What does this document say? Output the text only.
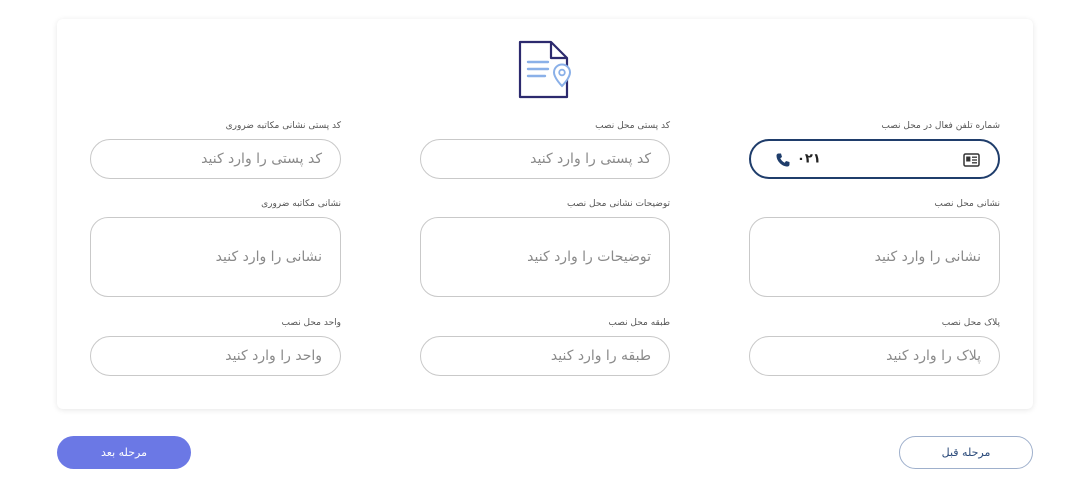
شماره تلفن فعال در محل نصب
کد پستی محل نصب
کد پستی نشانی مکاتبه ضروری
۰۲۱
کد پستی را وارد کنید
کد پستی را وارد کنید
نشانی محل نصب
توضیحات نشانی محل نصب
نشانی مکاتبه ضروری
نشانی را وارد کنید
توضیحات را وارد کنید
نشانی را وارد کنید
پلاک محل نصب
طبقه محل نصب
واحد محل نصب
پلاک را وارد کنید
طبقه را وارد کنید
واحد را وارد کنید
مرحله بعد	مرحله قبل
